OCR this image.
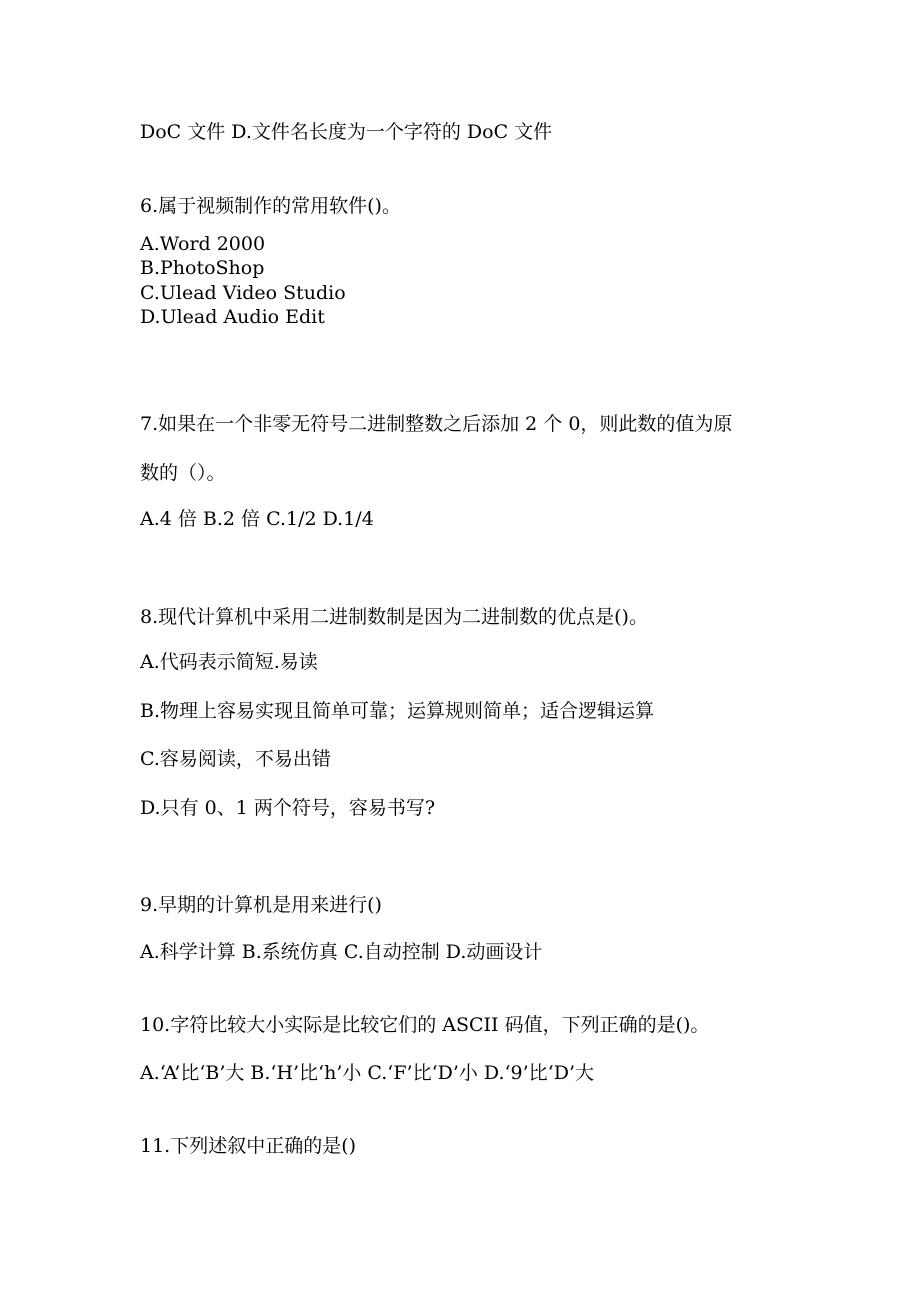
DoC 文件 D.文件名长度为一个字符的 DoC 文件

6.属于视频制作的常用软件()。

A.Word 2000

B.PhotoShop

C.Ulead Video Studio

D.Ulead Audio Edit

7.如果在一个非零无符号二进制整数之后添加 2 个 0，则此数的值为原

数的（）。

A.4 倍 B.2 倍 C.1/2 D.1/4

8.现代计算机中采用二进制数制是因为二进制数的优点是()。

A.代码表示简短.易读

B.物理上容易实现且简单可靠；运算规则简单；适合逻辑运算

C.容易阅读，不易出错

D.只有 0、1 两个符号，容易书写?

9.早期的计算机是用来进行()

A.科学计算 B.系统仿真 C.自动控制 D.动画设计

10.字符比较大小实际是比较它们的 ASCII 码值，下列正确的是()。

A.‘A’比‘B’大 B.‘H’比‘h’小 C.‘F’比‘D’小 D.‘9’比‘D’大

11.下列述叙中正确的是()
